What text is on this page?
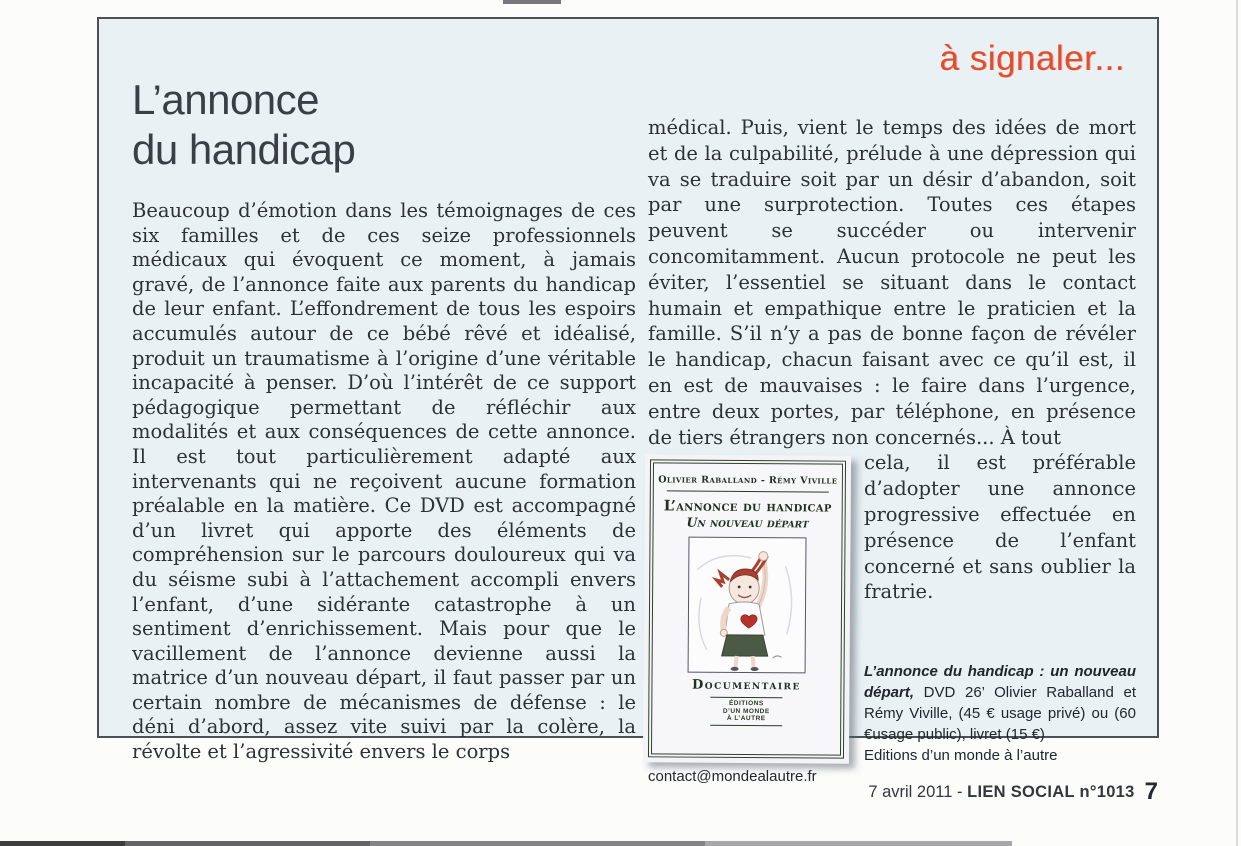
à signaler...
L’annonce
du handicap

Beaucoup d’émotion dans les témoignages de ces six familles et de ces seize professionnels médicaux qui évoquent ce moment, à jamais gravé, de l’annonce faite aux parents du handicap de leur enfant. L’effondrement de tous les espoirs accumulés autour de ce bébé rêvé et idéalisé, produit un traumatisme à l’origine d’une véritable incapacité à penser. D’où l’intérêt de ce support pédagogique permettant de réfléchir aux modalités et aux conséquences de cette annonce. Il est tout particulièrement adapté aux intervenants qui ne reçoivent aucune formation préalable en la matière. Ce DVD est accompagné d’un livret qui apporte des éléments de compréhension sur le parcours douloureux qui va du séisme subi à l’attachement accompli envers l’enfant, d’une sidérante catastrophe à un sentiment d’enrichissement. Mais pour que le vacillement de l’annonce devienne aussi la matrice d’un nouveau départ, il faut passer par un certain nombre de mécanismes de défense : le déni d’abord, assez vite suivi par la colère, la révolte et l’agressivité envers le corps

médical. Puis, vient le temps des idées de mort et de la culpabilité, prélude à une dépression qui va se traduire soit par un désir d’abandon, soit par une surprotection. Toutes ces étapes peuvent se succéder ou intervenir concomitamment. Aucun protocole ne peut les éviter, l’essentiel se situant dans le contact humain et empathique entre le praticien et la famille. S’il n’y a pas de bonne façon de révéler le handicap, chacun faisant avec ce qu’il est, il en est de mauvaises : le faire dans l’urgence, entre deux portes, par téléphone, en présence de tiers étrangers non concernés... À tout

Olivier Raballand - Rémy Viville
L’annonce du handicap
Un nouveau départ
Documentaire
ÉDITIONS
D’UN MONDE
À L’AUTRE

cela, il est préférable d’adopter une annonce progressive effectuée en présence de l’enfant concerné et sans oublier la fratrie.

L’annonce du handicap : un nouveau départ, DVD 26’ Olivier Raballand et Rémy Viville, (45 € usage privé) ou (60 €usage public), livret (15 €)

Editions d’un monde à l’autre

contact@mondealautre.fr

7 avril 2011 - LIEN SOCIAL n°1013 7
